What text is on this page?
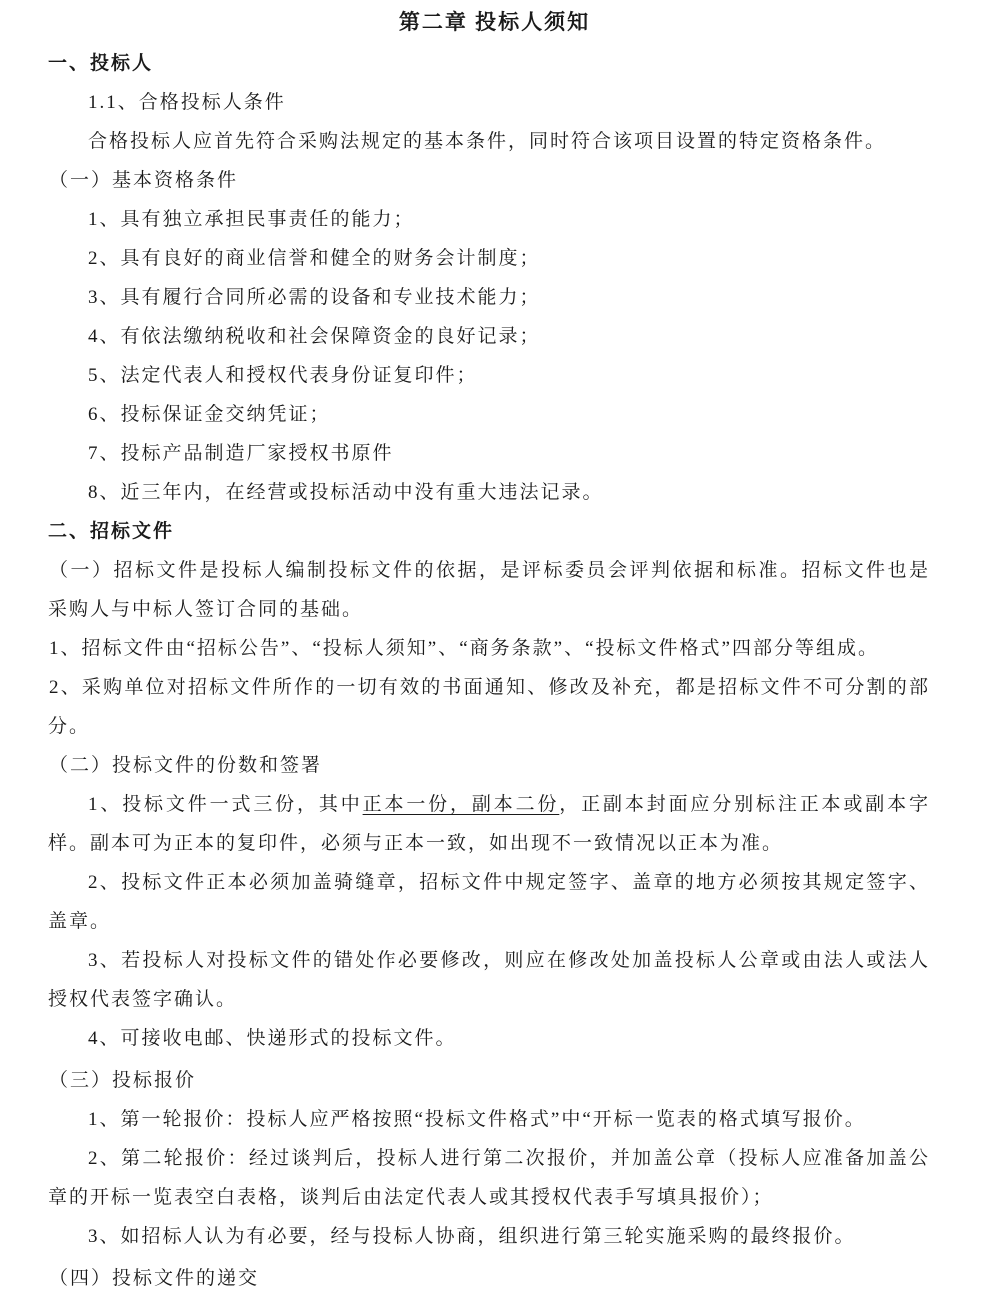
第二章 投标人须知
一、投标人
1.1、合格投标人条件
合格投标人应首先符合采购法规定的基本条件，同时符合该项目设置的特定资格条件。
（一）基本资格条件
1、具有独立承担民事责任的能力；
2、具有良好的商业信誉和健全的财务会计制度；
3、具有履行合同所必需的设备和专业技术能力；
4、有依法缴纳税收和社会保障资金的良好记录；
5、法定代表人和授权代表身份证复印件；
6、投标保证金交纳凭证；
7、投标产品制造厂家授权书原件
8、近三年内，在经营或投标活动中没有重大违法记录。
二、招标文件
（一）招标文件是投标人编制投标文件的依据，是评标委员会评判依据和标准。招标文件也是采购人与中标人签订合同的基础。
1、招标文件由“招标公告”、“投标人须知”、“商务条款”、“投标文件格式”四部分等组成。
2、采购单位对招标文件所作的一切有效的书面通知、修改及补充，都是招标文件不可分割的部分。
（二）投标文件的份数和签署
1、投标文件一式三份，其中正本一份，副本二份，正副本封面应分别标注正本或副本字样。副本可为正本的复印件，必须与正本一致，如出现不一致情况以正本为准。
2、投标文件正本必须加盖骑缝章，招标文件中规定签字、盖章的地方必须按其规定签字、盖章。
3、若投标人对投标文件的错处作必要修改，则应在修改处加盖投标人公章或由法人或法人授权代表签字确认。
4、可接收电邮、快递形式的投标文件。
（三）投标报价
1、第一轮报价：投标人应严格按照“投标文件格式”中“开标一览表的格式填写报价。
2、第二轮报价：经过谈判后，投标人进行第二次报价，并加盖公章（投标人应准备加盖公章的开标一览表空白表格，谈判后由法定代表人或其授权代表手写填具报价）；
3、如招标人认为有必要，经与投标人协商，组织进行第三轮实施采购的最终报价。
（四）投标文件的递交
